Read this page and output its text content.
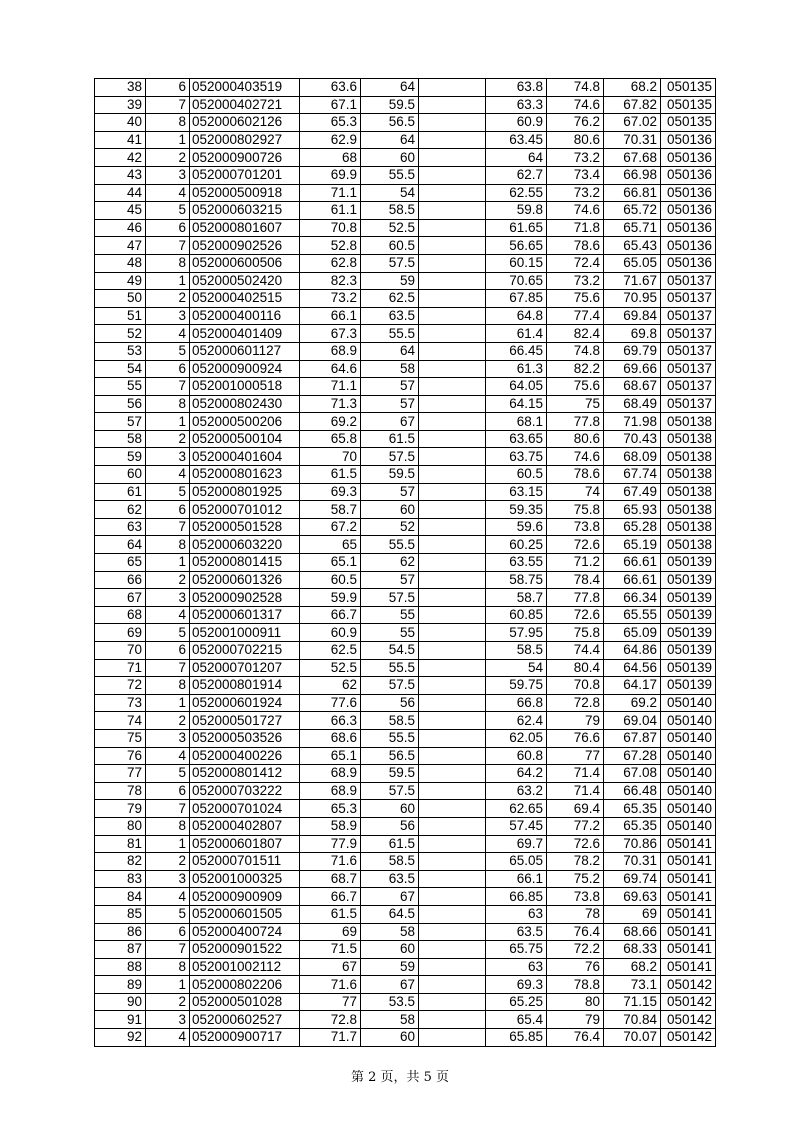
38	6	052000403519	63.6	64		63.8	74.8	68.2	050135
39	7	052000402721	67.1	59.5		63.3	74.6	67.82	050135
40	8	052000602126	65.3	56.5		60.9	76.2	67.02	050135
41	1	052000802927	62.9	64		63.45	80.6	70.31	050136
42	2	052000900726	68	60		64	73.2	67.68	050136
43	3	052000701201	69.9	55.5		62.7	73.4	66.98	050136
44	4	052000500918	71.1	54		62.55	73.2	66.81	050136
45	5	052000603215	61.1	58.5		59.8	74.6	65.72	050136
46	6	052000801607	70.8	52.5		61.65	71.8	65.71	050136
47	7	052000902526	52.8	60.5		56.65	78.6	65.43	050136
48	8	052000600506	62.8	57.5		60.15	72.4	65.05	050136
49	1	052000502420	82.3	59		70.65	73.2	71.67	050137
50	2	052000402515	73.2	62.5		67.85	75.6	70.95	050137
51	3	052000400116	66.1	63.5		64.8	77.4	69.84	050137
52	4	052000401409	67.3	55.5		61.4	82.4	69.8	050137
53	5	052000601127	68.9	64		66.45	74.8	69.79	050137
54	6	052000900924	64.6	58		61.3	82.2	69.66	050137
55	7	052001000518	71.1	57		64.05	75.6	68.67	050137
56	8	052000802430	71.3	57		64.15	75	68.49	050137
57	1	052000500206	69.2	67		68.1	77.8	71.98	050138
58	2	052000500104	65.8	61.5		63.65	80.6	70.43	050138
59	3	052000401604	70	57.5		63.75	74.6	68.09	050138
60	4	052000801623	61.5	59.5		60.5	78.6	67.74	050138
61	5	052000801925	69.3	57		63.15	74	67.49	050138
62	6	052000701012	58.7	60		59.35	75.8	65.93	050138
63	7	052000501528	67.2	52		59.6	73.8	65.28	050138
64	8	052000603220	65	55.5		60.25	72.6	65.19	050138
65	1	052000801415	65.1	62		63.55	71.2	66.61	050139
66	2	052000601326	60.5	57		58.75	78.4	66.61	050139
67	3	052000902528	59.9	57.5		58.7	77.8	66.34	050139
68	4	052000601317	66.7	55		60.85	72.6	65.55	050139
69	5	052001000911	60.9	55		57.95	75.8	65.09	050139
70	6	052000702215	62.5	54.5		58.5	74.4	64.86	050139
71	7	052000701207	52.5	55.5		54	80.4	64.56	050139
72	8	052000801914	62	57.5		59.75	70.8	64.17	050139
73	1	052000601924	77.6	56		66.8	72.8	69.2	050140
74	2	052000501727	66.3	58.5		62.4	79	69.04	050140
75	3	052000503526	68.6	55.5		62.05	76.6	67.87	050140
76	4	052000400226	65.1	56.5		60.8	77	67.28	050140
77	5	052000801412	68.9	59.5		64.2	71.4	67.08	050140
78	6	052000703222	68.9	57.5		63.2	71.4	66.48	050140
79	7	052000701024	65.3	60		62.65	69.4	65.35	050140
80	8	052000402807	58.9	56		57.45	77.2	65.35	050140
81	1	052000601807	77.9	61.5		69.7	72.6	70.86	050141
82	2	052000701511	71.6	58.5		65.05	78.2	70.31	050141
83	3	052001000325	68.7	63.5		66.1	75.2	69.74	050141
84	4	052000900909	66.7	67		66.85	73.8	69.63	050141
85	5	052000601505	61.5	64.5		63	78	69	050141
86	6	052000400724	69	58		63.5	76.4	68.66	050141
87	7	052000901522	71.5	60		65.75	72.2	68.33	050141
88	8	052001002112	67	59		63	76	68.2	050141
89	1	052000802206	71.6	67		69.3	78.8	73.1	050142
90	2	052000501028	77	53.5		65.25	80	71.15	050142
91	3	052000602527	72.8	58		65.4	79	70.84	050142
92	4	052000900717	71.7	60		65.85	76.4	70.07	050142
第 2 页，共 5 页
